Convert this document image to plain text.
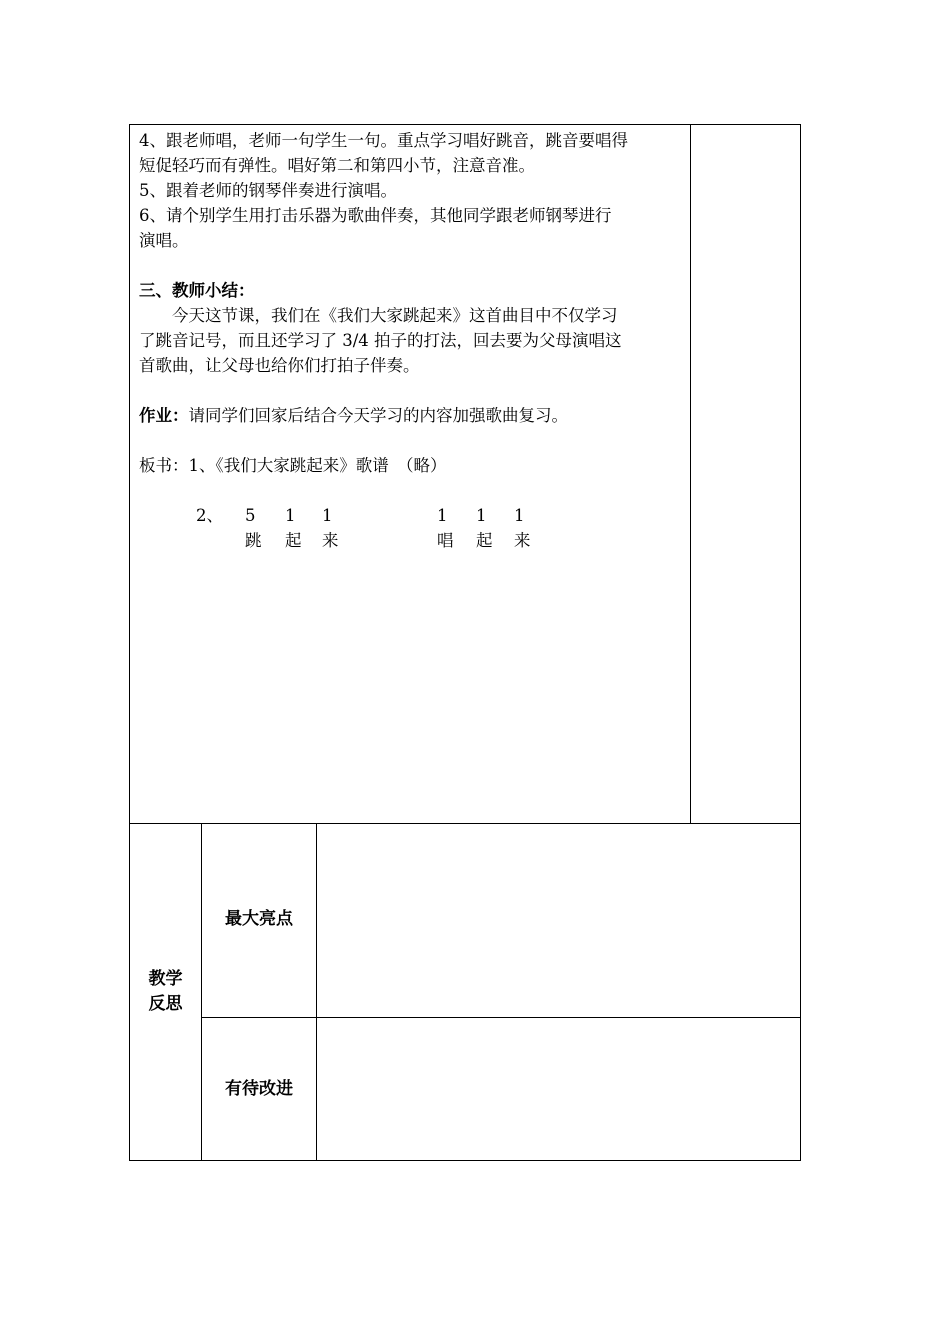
4、跟老师唱，老师一句学生一句。重点学习唱好跳音，跳音要唱得

短促轻巧而有弹性。唱好第二和第四小节，注意音准。

5、跟着老师的钢琴伴奏进行演唱。

6、请个别学生用打击乐器为歌曲伴奏，其他同学跟老师钢琴进行

演唱。

三、教师小结：

今天这节课，我们在《我们大家跳起来》这首曲目中不仅学习

了跳音记号，而且还学习了 3/4 拍子的打法，回去要为父母演唱这

首歌曲，让父母也给你们打拍子伴奏。

作业：请同学们回家后结合今天学习的内容加强歌曲复习。

板书：1、《我们大家跳起来》歌谱　（略）

2、 5 1 1	1 1 1
跳 起 来	唱 起 来
教学
反思
最大亮点
有待改进
